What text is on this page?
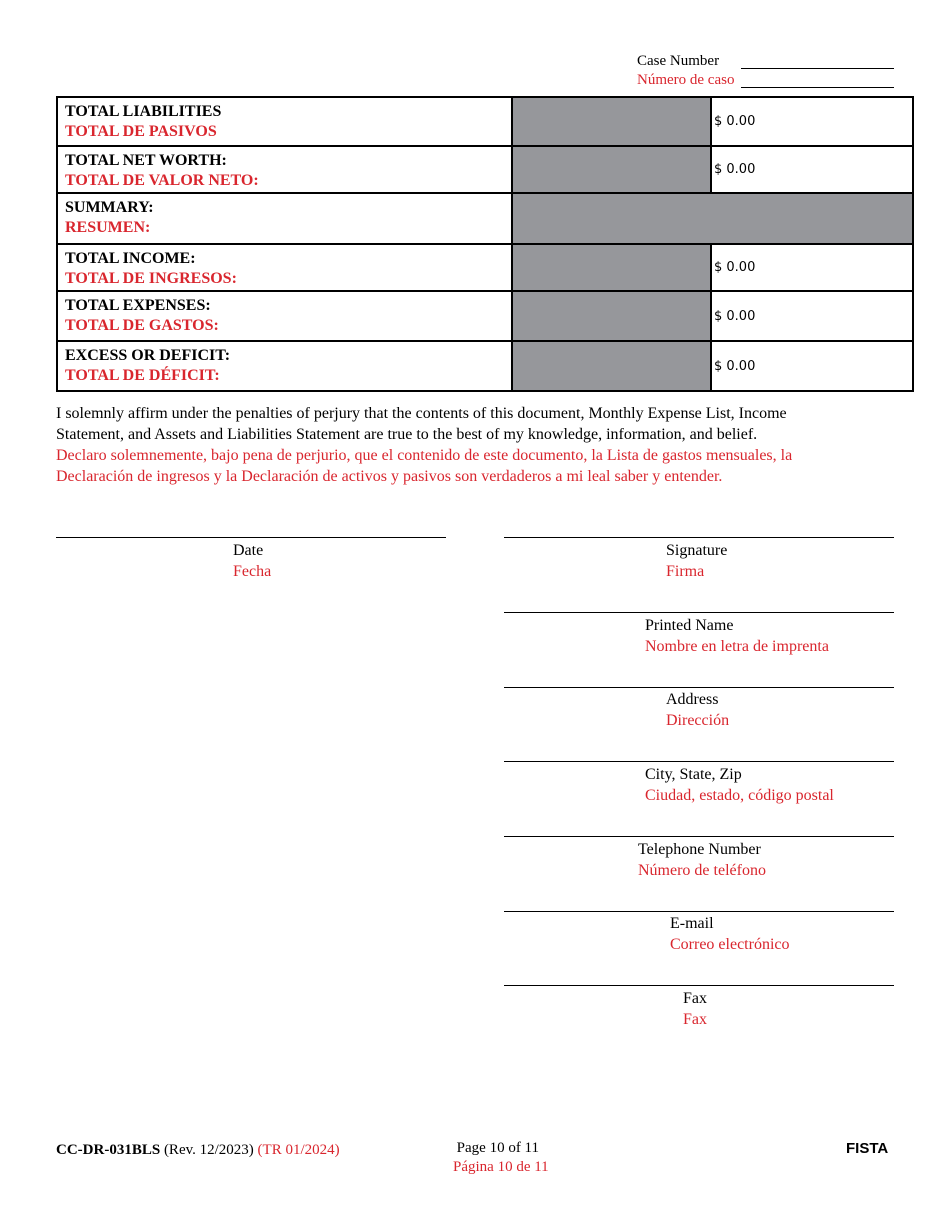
Case Number
Número de caso
TOTAL LIABILITIES
TOTAL DE PASIVOS		$ 0.00

TOTAL NET WORTH:
TOTAL DE VALOR NETO:		$ 0.00

SUMMARY:
RESUMEN:		

TOTAL INCOME:
TOTAL DE INGRESOS:		$ 0.00

TOTAL EXPENSES:
TOTAL DE GASTOS:		$ 0.00

EXCESS OR DEFICIT:
TOTAL DE DÉFICIT:		$ 0.00
I solemnly affirm under the penalties of perjury that the contents of this document, Monthly Expense List, Income Statement, and Assets and Liabilities Statement are true to the best of my knowledge, information, and belief.
Declaro solemnemente, bajo pena de perjurio, que el contenido de este documento, la Lista de gastos mensuales, la Declaración de ingresos y la Declaración de activos y pasivos son verdaderos a mi leal saber y entender.
Date
Fecha
Signature
Firma
Printed Name
Nombre en letra de imprenta
Address
Dirección
City, State, Zip
Ciudad, estado, código postal
Telephone Number
Número de teléfono
E-mail
Correo electrónico
Fax
Fax
CC-DR-031BLS (Rev. 12/2023) (TR 01/2024)	Page 10 of 11
Página 10 de 11
FISTA
